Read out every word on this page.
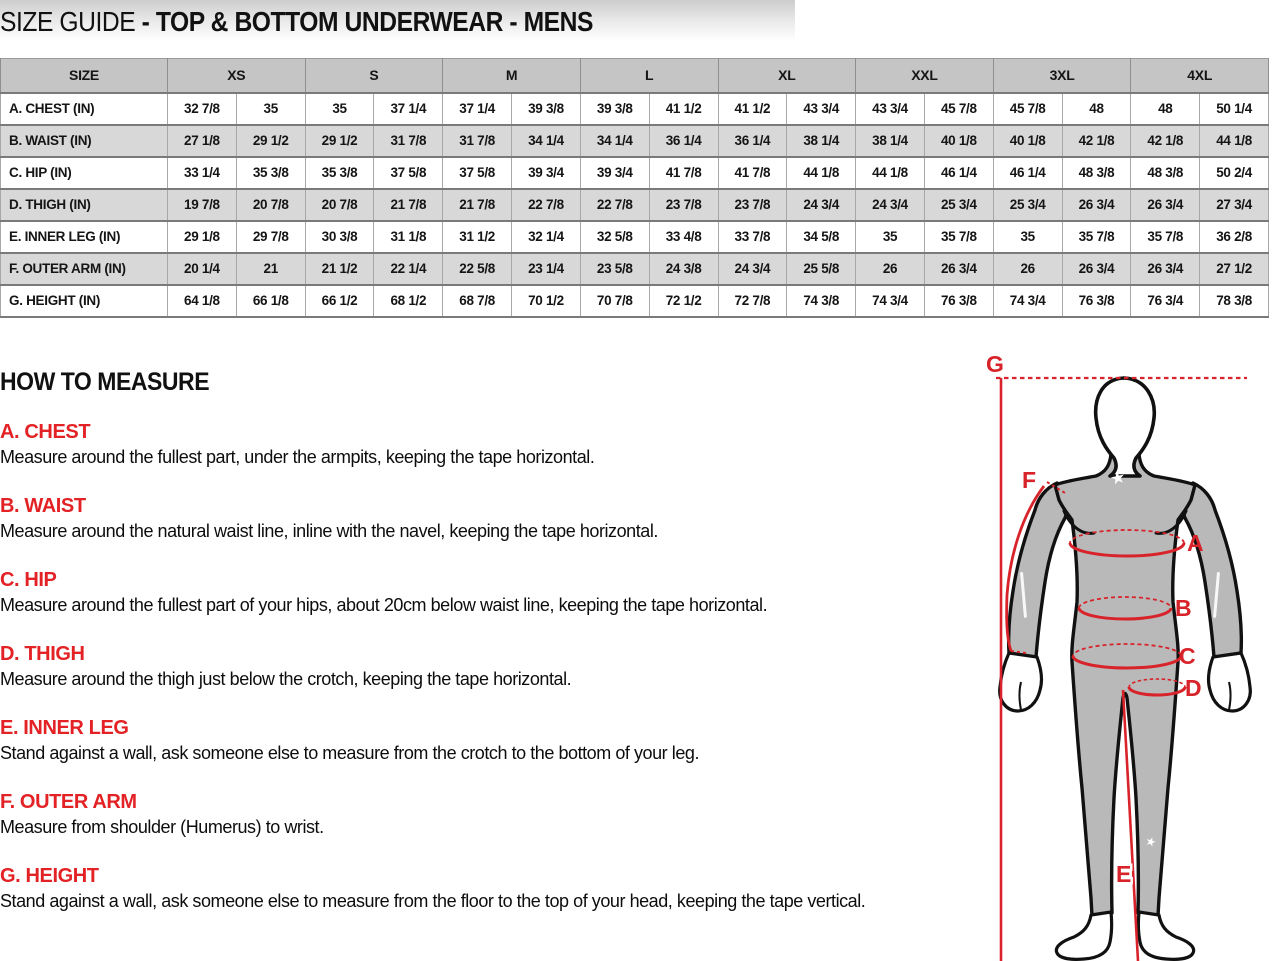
SIZE GUIDE - TOP & BOTTOM UNDERWEAR - MENS
SIZE	XS		S		M		L		XL		XXL		3XL		4XL	
A. CHEST (IN)	32 7/8	35	35	37 1/4	37 1/4	39 3/8	39 3/8	41 1/2	41 1/2	43 3/4	43 3/4	45 7/8	45 7/8	48	48	50 1/4
B. WAIST (IN)	27 1/8	29 1/2	29 1/2	31 7/8	31 7/8	34 1/4	34 1/4	36 1/4	36 1/4	38 1/4	38 1/4	40 1/8	40 1/8	42 1/8	42 1/8	44 1/8
C. HIP (IN)	33 1/4	35 3/8	35 3/8	37 5/8	37 5/8	39 3/4	39 3/4	41 7/8	41 7/8	44 1/8	44 1/8	46 1/4	46 1/4	48 3/8	48 3/8	50 2/4
D. THIGH (IN)	19 7/8	20 7/8	20 7/8	21 7/8	21 7/8	22 7/8	22 7/8	23 7/8	23 7/8	24 3/4	24 3/4	25 3/4	25 3/4	26 3/4	26 3/4	27 3/4
E. INNER LEG (IN)	29 1/8	29 7/8	30 3/8	31 1/8	31 1/2	32 1/4	32 5/8	33 4/8	33 7/8	34 5/8	35	35 7/8	35	35 7/8	35 7/8	36 2/8
F. OUTER ARM (IN)	20 1/4	21	21 1/2	22 1/4	22 5/8	23 1/4	23 5/8	24 3/8	24 3/4	25 5/8	26	26 3/4	26	26 3/4	26 3/4	27 1/2
G. HEIGHT (IN)	64 1/8	66 1/8	66 1/2	68 1/2	68 7/8	70 1/2	70 7/8	72 1/2	72 7/8	74 3/8	74 3/4	76 3/8	74 3/4	76 3/8	76 3/4	78 3/8
HOW TO MEASURE
A. CHEST

Measure around the fullest part, under the armpits, keeping the tape horizontal.

B. WAIST

Measure around the natural waist line, inline with the navel, keeping the tape horizontal.

C. HIP

Measure around the fullest part of your hips, about 20cm below waist line, keeping the tape horizontal.

D. THIGH

Measure around the thigh just below the crotch, keeping the tape horizontal.

E. INNER LEG

Stand against a wall, ask someone else to measure from the crotch to the bottom of your leg.

F. OUTER ARM

Measure from shoulder (Humerus) to wrist.

G. HEIGHT

Stand against a wall, ask someone else to measure from the floor to the top of your head, keeping the tape vertical.

★
★
G
F
A
B
C
D
E
